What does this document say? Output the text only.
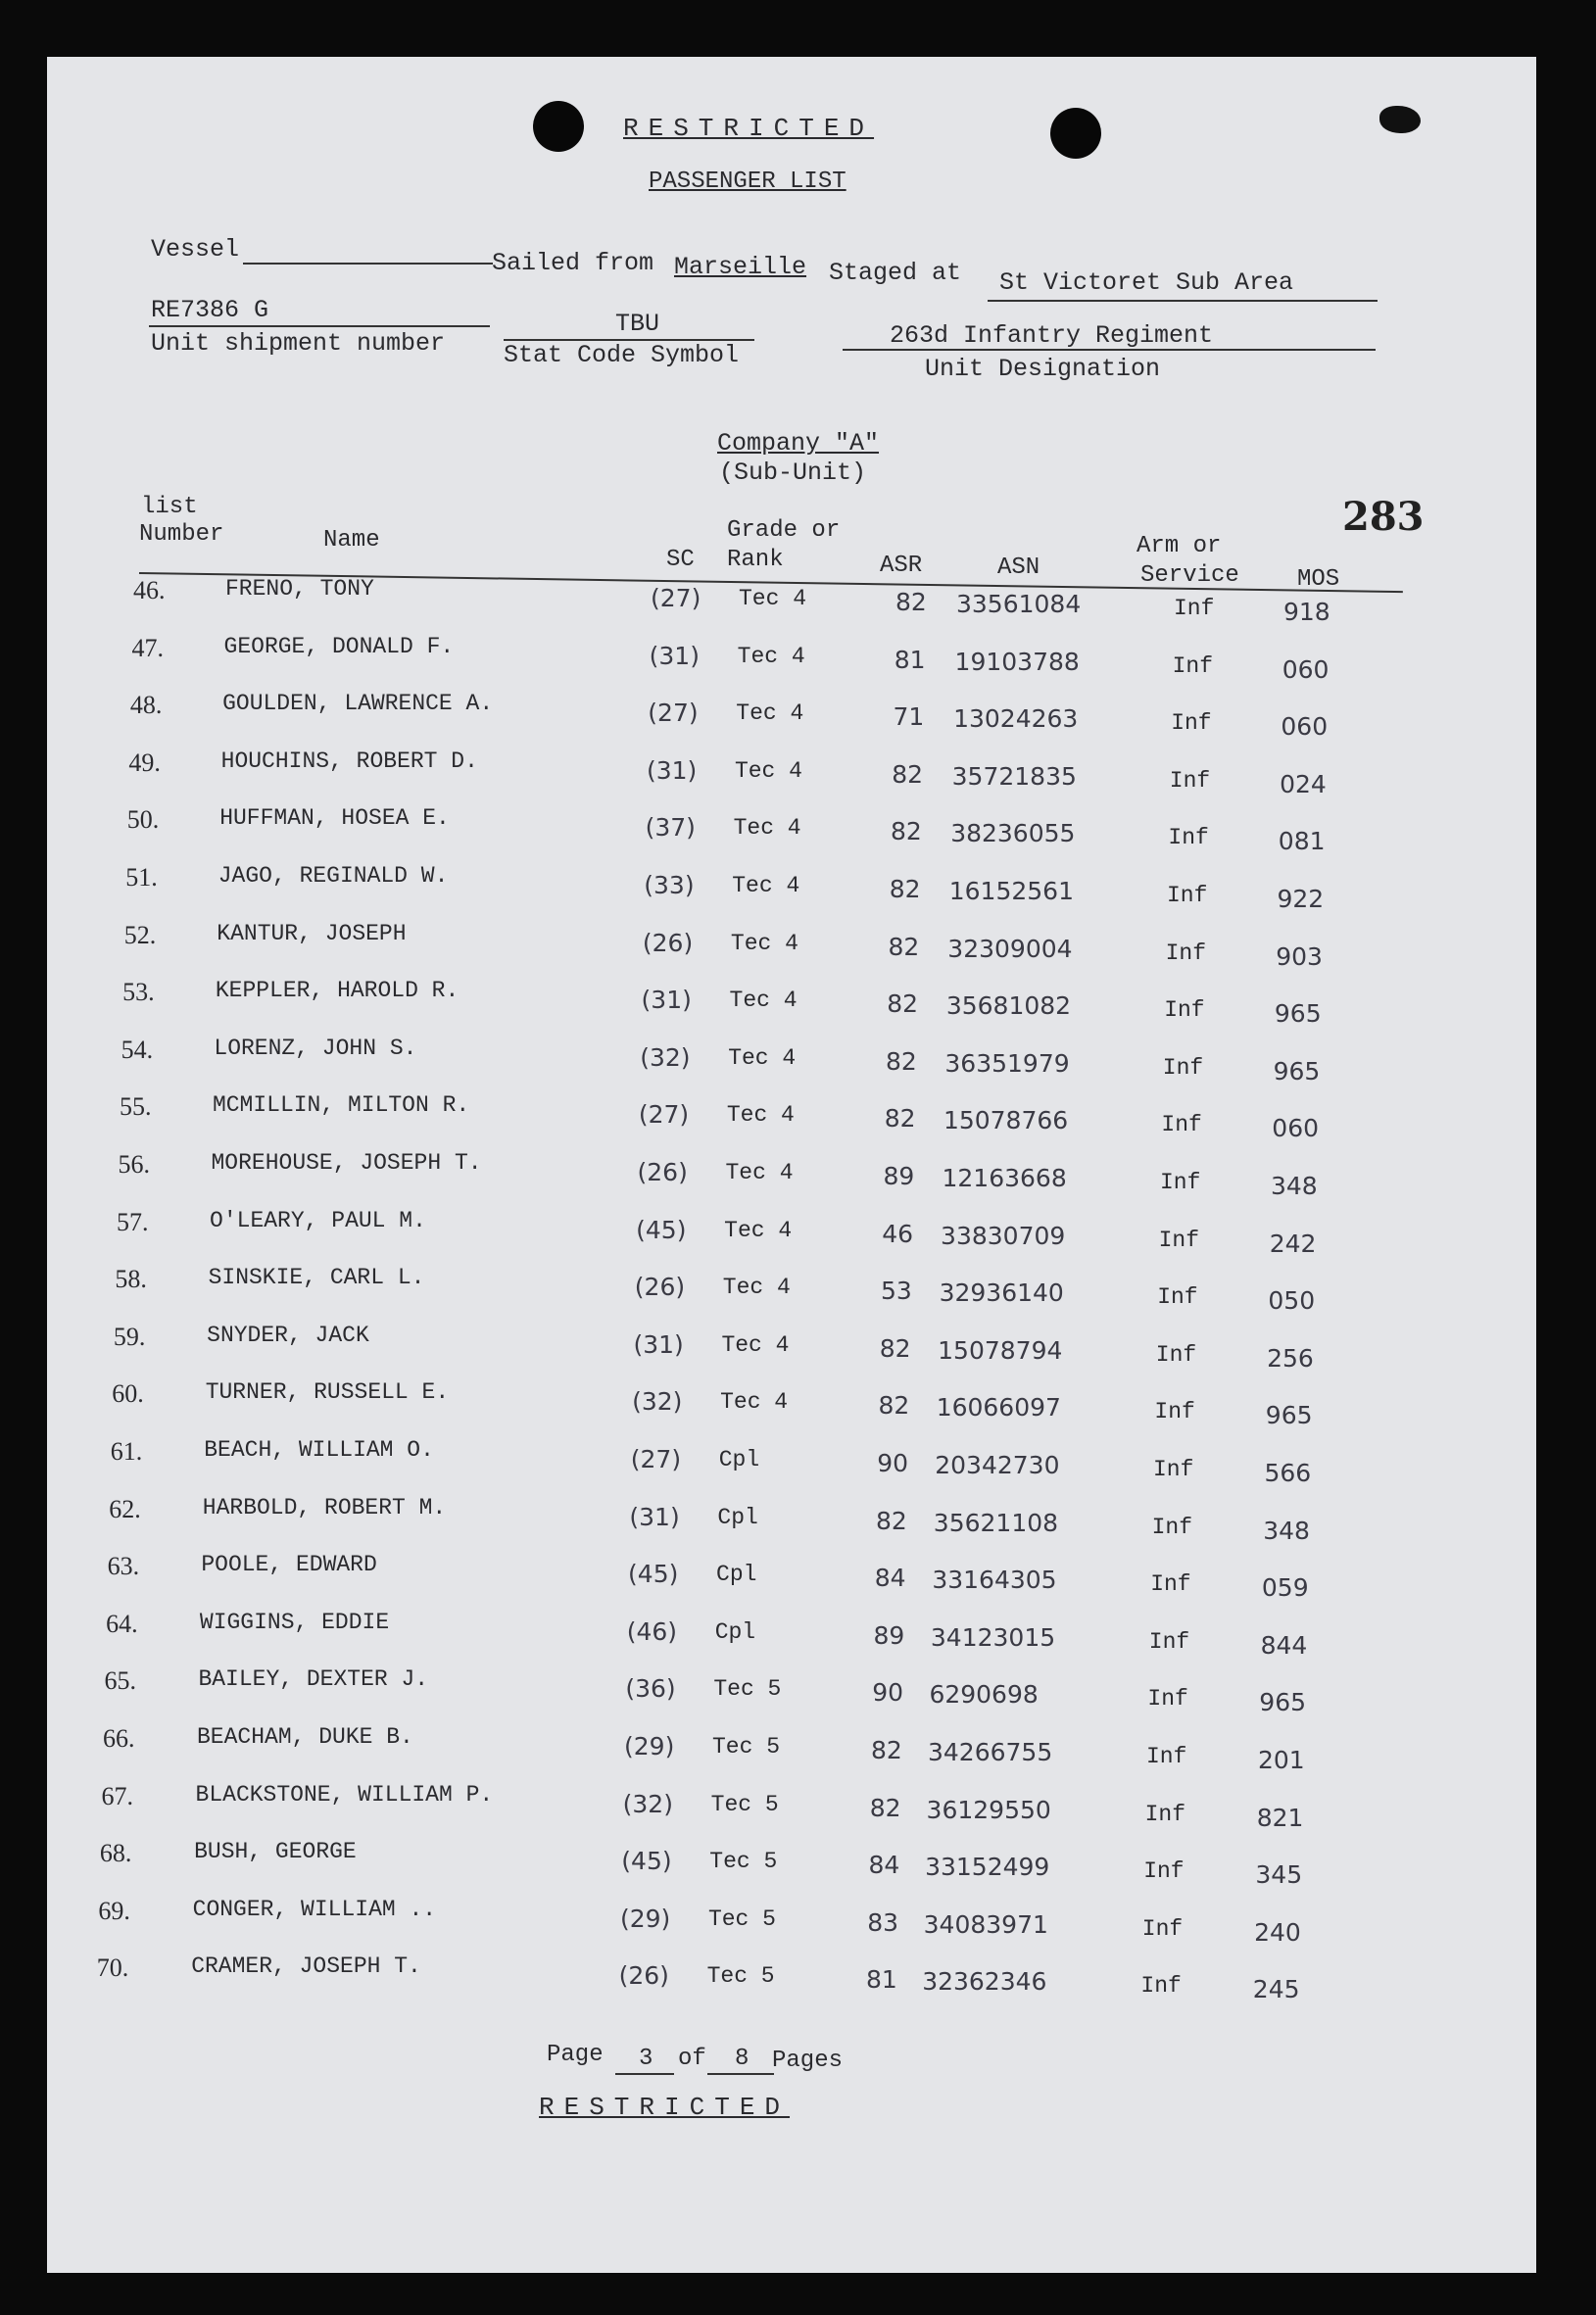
RESTRICTED
PASSENGER LIST
Vessel	Sailed from Marseille Staged at St Victoret Sub Area
RE7386 G
Unit shipment number
TBU
Stat Code Symbol
263d Infantry Regiment
Unit Designation
Company "A"
(Sub-Unit)
283
list
Number	Name	Grade or
SC Rank	ASR	ASN
Arm or
Service MOS
46.	FRENO, TONY	(27) Tec 4	82 33561084	Inf	918
47.	GEORGE, DONALD F.	(31) Tec 4	81 19103788	Inf	060
48.	GOULDEN, LAWRENCE A.	(27) Tec 4	71 13024263	Inf	060
49.	HOUCHINS, ROBERT D.	(31) Tec 4	82 35721835	Inf	024
50.	HUFFMAN, HOSEA E.	(37) Tec 4	82 38236055	Inf	081
51.	JAGO, REGINALD W.	(33) Tec 4	82 16152561	Inf	922
52.	KANTUR, JOSEPH	(26) Tec 4	82 32309004	Inf	903
53.	KEPPLER, HAROLD R.	(31) Tec 4	82 35681082	Inf	965
54.	LORENZ, JOHN S.	(32) Tec 4	82 36351979	Inf	965
55.	MCMILLIN, MILTON R.	(27) Tec 4	82 15078766	Inf	060
56.	MOREHOUSE, JOSEPH T.	(26) Tec 4	89 12163668	Inf	348
57.	O'LEARY, PAUL M.	(45) Tec 4	46 33830709	Inf	242
58.	SINSKIE, CARL L.	(26) Tec 4	53 32936140	Inf	050
59.	SNYDER, JACK	(31) Tec 4	82 15078794	Inf	256
60.	TURNER, RUSSELL E.	(32) Tec 4	82 16066097	Inf	965
61.	BEACH, WILLIAM O.	(27) Cpl	90 20342730	Inf	566
62.	HARBOLD, ROBERT M.	(31) Cpl	82 35621108	Inf	348
63.	POOLE, EDWARD	(45) Cpl	84 33164305	Inf	059
64.	WIGGINS, EDDIE	(46) Cpl	89 34123015	Inf	844
65.	BAILEY, DEXTER J.	(36) Tec 5	90 6290698	Inf	965
66.	BEACHAM, DUKE B.	(29) Tec 5	82 34266755	Inf	201
67.	BLACKSTONE, WILLIAM P.	(32) Tec 5	82 36129550	Inf	821
68.	BUSH, GEORGE	(45) Tec 5	84 33152499	Inf	345
69.	CONGER, WILLIAM ..	(29) Tec 5	83 34083971	Inf	240
70.	CRAMER, JOSEPH T.	(26) Tec 5	81 32362346	Inf	245
Page 3 of 8 Pages
RESTRICTED
